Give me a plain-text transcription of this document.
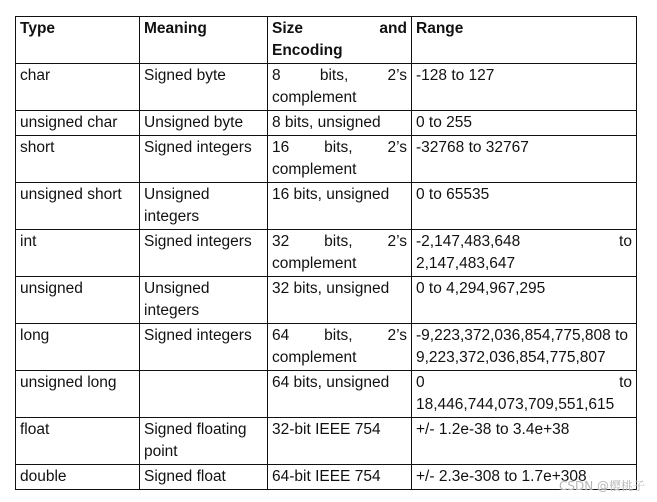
Type	Meaning	Size and Encoding	Range
char	Signed byte	8 bits, 2’s complement	-128 to 127
unsigned char	Unsigned byte	8 bits, unsigned	0 to 255
short	Signed integers	16 bits, 2’s complement	-32768 to 32767
unsigned short	Unsigned integers	16 bits, unsigned	0 to 65535
int	Signed integers	32 bits, 2’s complement	-2,147,483,648 to 2,147,483,647
unsigned	Unsigned integers	32 bits, unsigned	0 to 4,294,967,295
long	Signed integers	64 bits, 2’s complement	-9,223,372,036,854,775,808 to 9,223,372,036,854,775,807
unsigned long		64 bits, unsigned	0 to 18,446,744,073,709,551,615
float	Signed floating point	32-bit IEEE 754	+/- 1.2e-38 to 3.4e+38
double	Signed float	64-bit IEEE 754	+/- 2.3e-308 to 1.7e+308
CSDN @樱桃子
